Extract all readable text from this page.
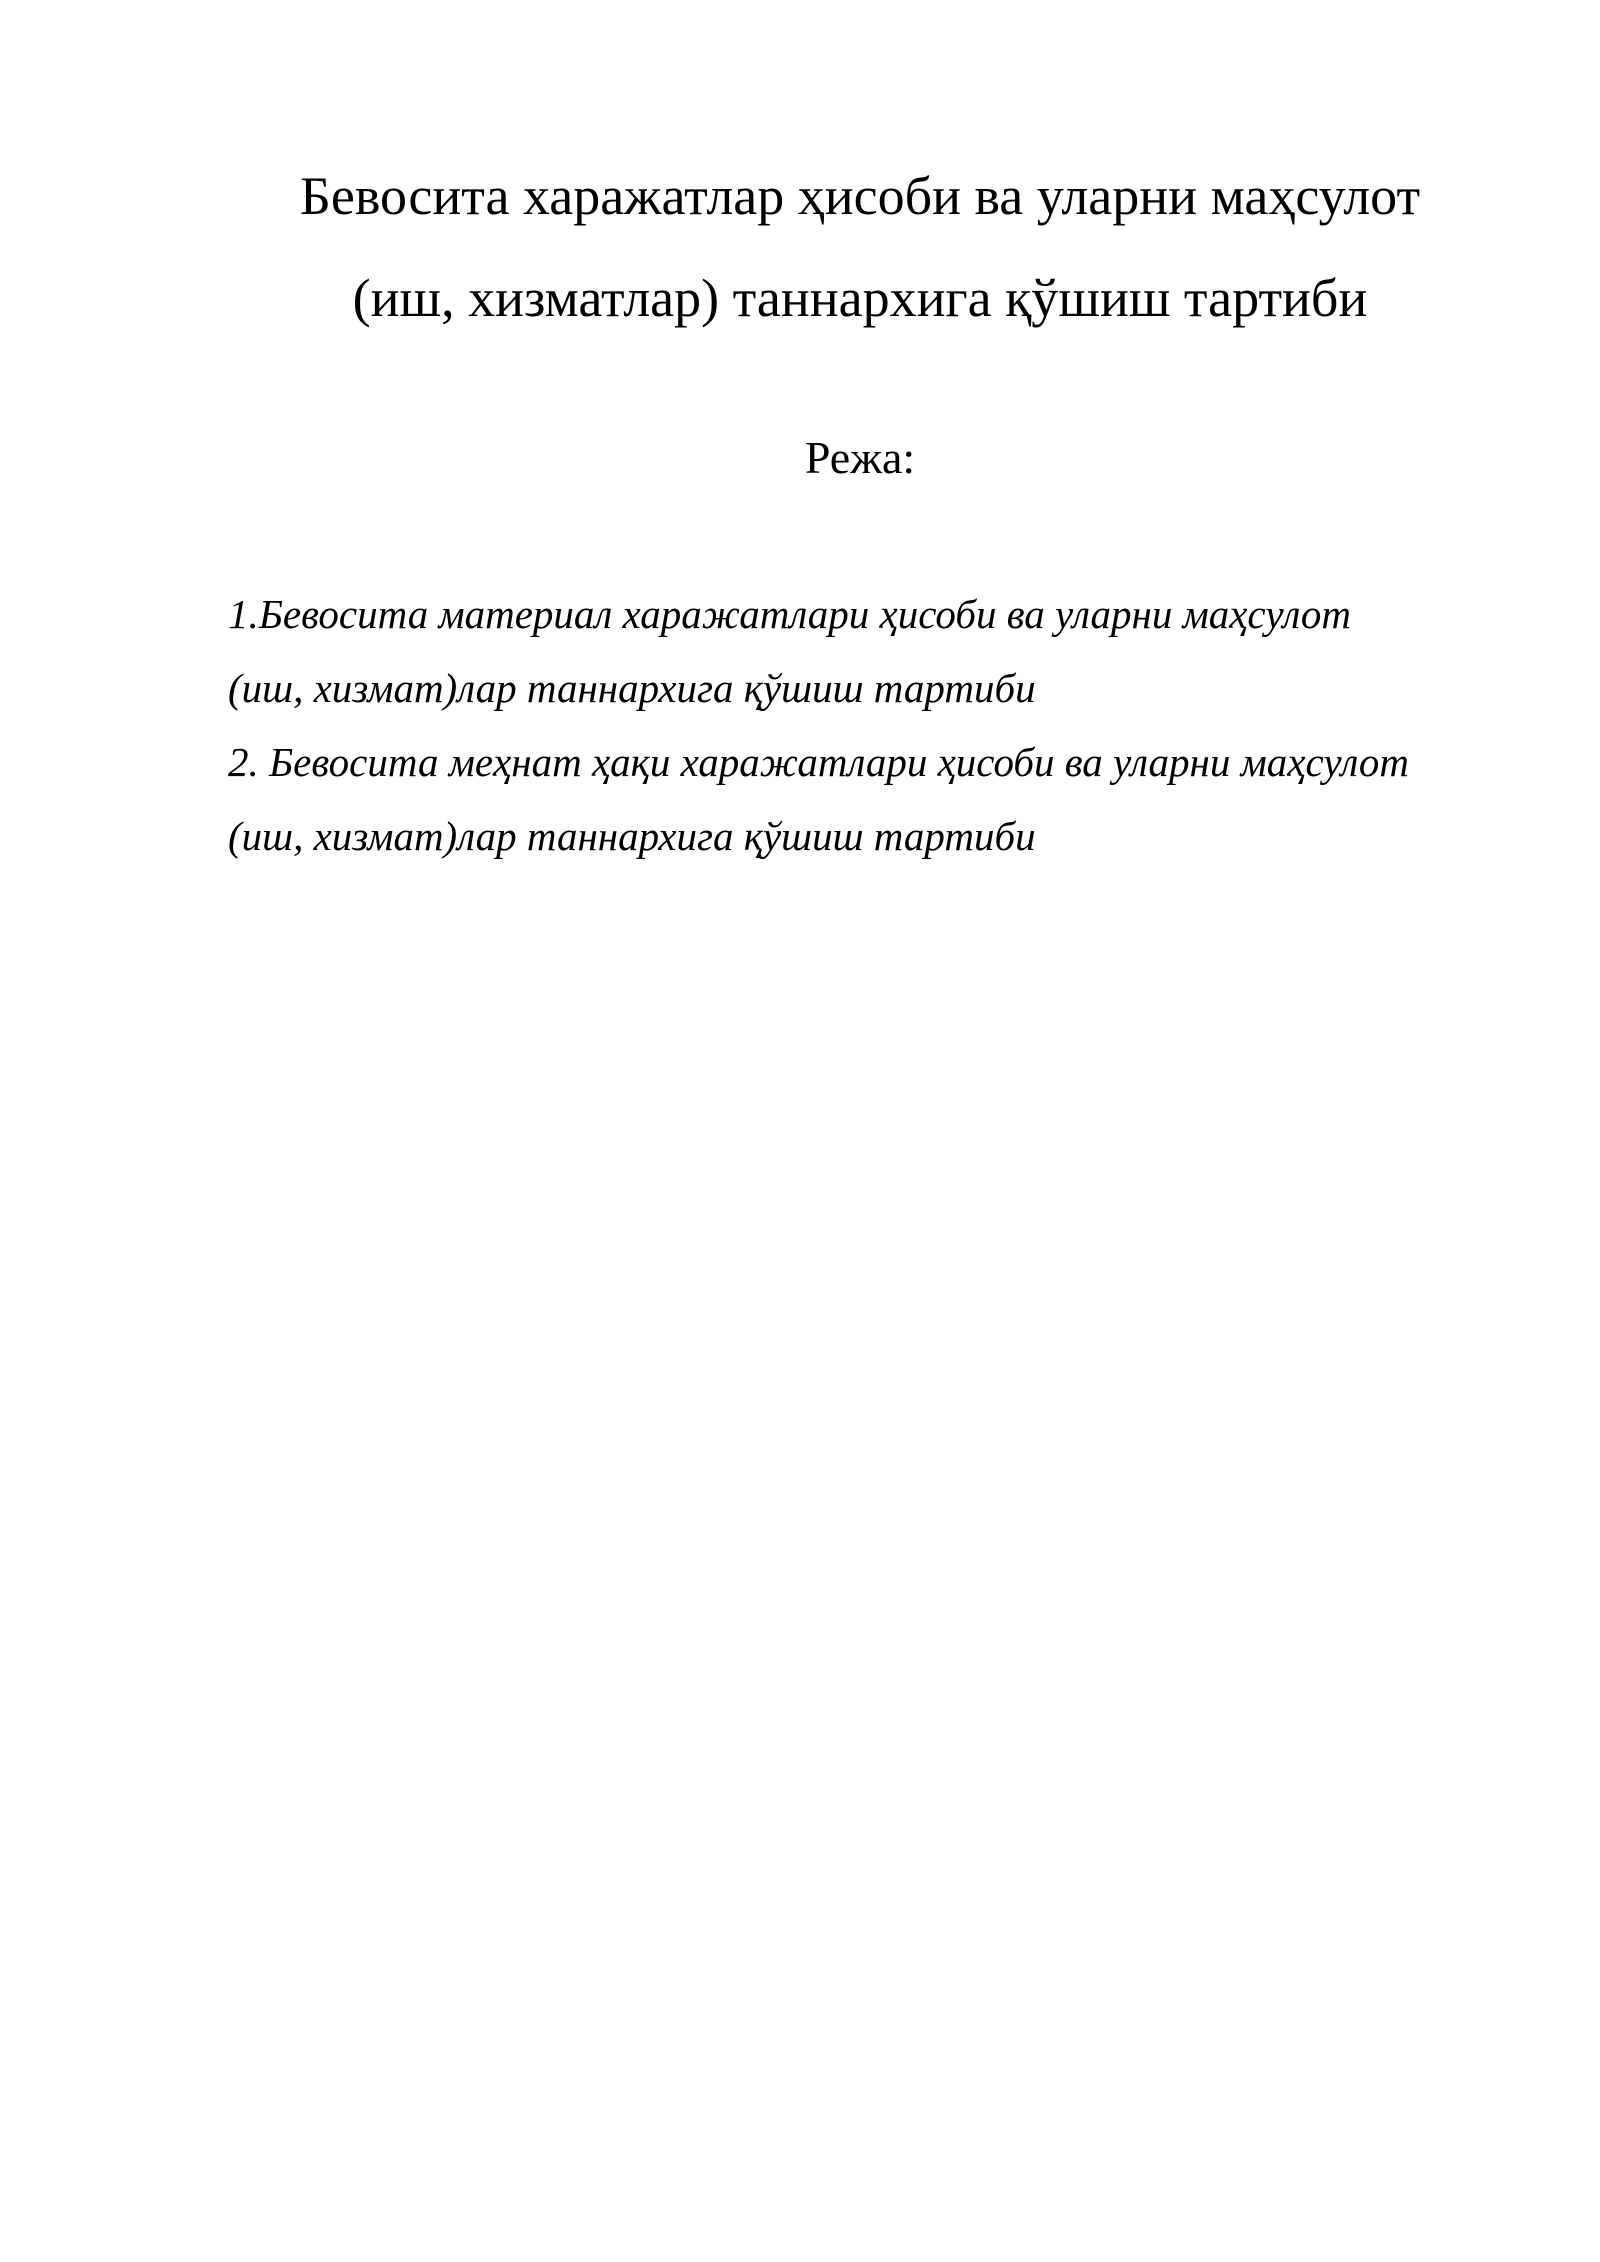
Бевосита харажатлар ҳисоби ва уларни маҳсулот
(иш, хизматлар) таннархига қўшиш тартиби

Режа:

1.Бевосита материал харажатлари ҳисоби ва уларни маҳсулот
(иш, хизмат)лар таннархига қўшиш тартиби
2. Бевосита меҳнат ҳақи харажатлари ҳисоби ва уларни маҳсулот
(иш, хизмат)лар таннархига қўшиш тартиби
